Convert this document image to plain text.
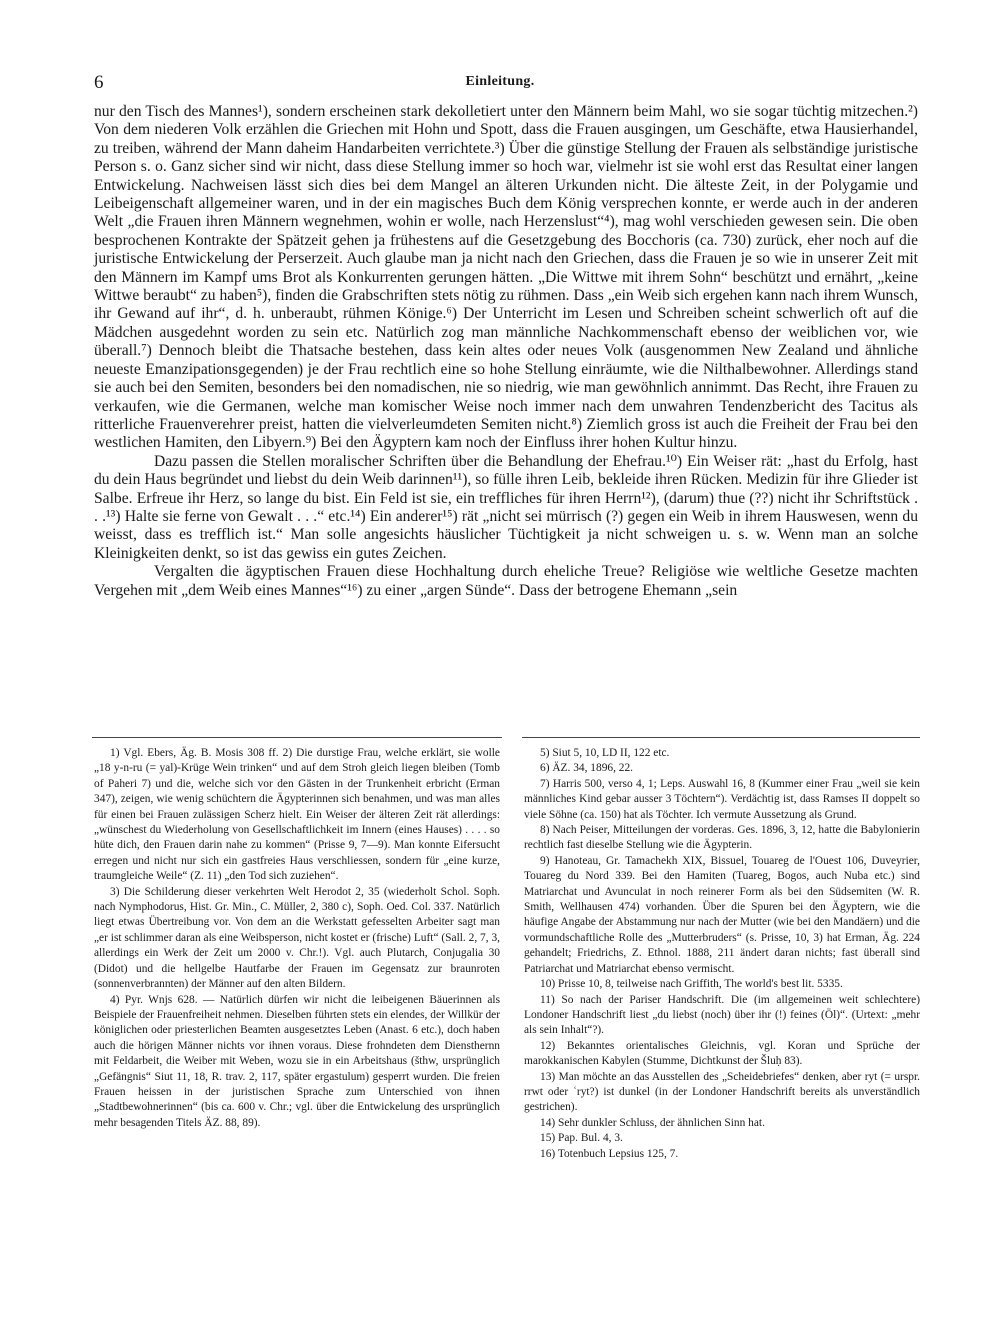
6	Einleitung.

nur den Tisch des Mannes¹), sondern erscheinen stark dekolletiert unter den Männern beim Mahl, wo sie sogar tüchtig mitzechen.²) Von dem niederen Volk erzählen die Griechen mit Hohn und Spott, dass die Frauen ausgingen, um Geschäfte, etwa Hausierhandel, zu treiben, während der Mann daheim Handarbeiten verrichtete.³) Über die günstige Stellung der Frauen als selbständige juristische Person s. o. Ganz sicher sind wir nicht, dass diese Stellung immer so hoch war, vielmehr ist sie wohl erst das Resultat einer langen Entwickelung. Nachweisen lässt sich dies bei dem Mangel an älteren Urkunden nicht. Die älteste Zeit, in der Polygamie und Leibeigenschaft allgemeiner waren, und in der ein magisches Buch dem König versprechen konnte, er werde auch in der anderen Welt „die Frauen ihren Männern wegnehmen, wohin er wolle, nach Herzenslust“⁴), mag wohl verschieden gewesen sein. Die oben besprochenen Kontrakte der Spätzeit gehen ja frühestens auf die Gesetzgebung des Bocchoris (ca. 730) zurück, eher noch auf die juristische Entwickelung der Perserzeit. Auch glaube man ja nicht nach den Griechen, dass die Frauen je so wie in unserer Zeit mit den Männern im Kampf ums Brot als Konkurrenten gerungen hätten. „Die Wittwe mit ihrem Sohn“ beschützt und ernährt, „keine Wittwe beraubt“ zu haben⁵), finden die Grabschriften stets nötig zu rühmen. Dass „ein Weib sich ergehen kann nach ihrem Wunsch, ihr Gewand auf ihr“, d. h. unberaubt, rühmen Könige.⁶) Der Unterricht im Lesen und Schreiben scheint schwerlich oft auf die Mädchen ausgedehnt worden zu sein etc. Natürlich zog man männliche Nachkommenschaft ebenso der weiblichen vor, wie überall.⁷) Dennoch bleibt die Thatsache bestehen, dass kein altes oder neues Volk (ausgenommen New Zealand und ähnliche neueste Emanzipationsgegenden) je der Frau rechtlich eine so hohe Stellung einräumte, wie die Nilthalbewohner. Allerdings stand sie auch bei den Semiten, besonders bei den nomadischen, nie so niedrig, wie man gewöhnlich annimmt. Das Recht, ihre Frauen zu verkaufen, wie die Germanen, welche man komischer Weise noch immer nach dem unwahren Tendenzbericht des Tacitus als ritterliche Frauenverehrer preist, hatten die vielverleumdeten Semiten nicht.⁸) Ziemlich gross ist auch die Freiheit der Frau bei den westlichen Hamiten, den Libyern.⁹) Bei den Ägyptern kam noch der Einfluss ihrer hohen Kultur hinzu.

Dazu passen die Stellen moralischer Schriften über die Behandlung der Ehefrau.¹⁰) Ein Weiser rät: „hast du Erfolg, hast du dein Haus begründet und liebst du dein Weib darinnen¹¹), so fülle ihren Leib, bekleide ihren Rücken. Medizin für ihre Glieder ist Salbe. Erfreue ihr Herz, so lange du bist. Ein Feld ist sie, ein treffliches für ihren Herrn¹²), (darum) thue (??) nicht ihr Schriftstück . . .¹³) Halte sie ferne von Gewalt . . .“ etc.¹⁴) Ein anderer¹⁵) rät „nicht sei mürrisch (?) gegen ein Weib in ihrem Hauswesen, wenn du weisst, dass es trefflich ist.“ Man solle angesichts häuslicher Tüchtigkeit ja nicht schweigen u. s. w. Wenn man an solche Kleinigkeiten denkt, so ist das gewiss ein gutes Zeichen.

Vergalten die ägyptischen Frauen diese Hochhaltung durch eheliche Treue? Religiöse wie weltliche Gesetze machten Vergehen mit „dem Weib eines Mannes“¹⁶) zu einer „argen Sünde“. Dass der betrogene Ehemann „sein

1) Vgl. Ebers, Äg. B. Mosis 308 ff. 2) Die durstige Frau, welche erklärt, sie wolle „18 y-n-ru (= yal)-Krüge Wein trinken“ und auf dem Stroh gleich liegen bleiben (Tomb of Paheri 7) und die, welche sich vor den Gästen in der Trunkenheit erbricht (Erman 347), zeigen, wie wenig schüchtern die Ägypterinnen sich benahmen, und was man alles für einen bei Frauen zulässigen Scherz hielt. Ein Weiser der älteren Zeit rät allerdings: „wünschest du Wiederholung von Gesellschaftlichkeit im Innern (eines Hauses) . . . . so hüte dich, den Frauen darin nahe zu kommen“ (Prisse 9, 7—9). Man konnte Eifersucht erregen und nicht nur sich ein gastfreies Haus verschliessen, sondern für „eine kurze, traumgleiche Weile“ (Z. 11) „den Tod sich zuziehen“.

3) Die Schilderung dieser verkehrten Welt Herodot 2, 35 (wiederholt Schol. Soph. nach Nymphodorus, Hist. Gr. Min., C. Müller, 2, 380 c), Soph. Oed. Col. 337. Natürlich liegt etwas Übertreibung vor. Von dem an die Werkstatt gefesselten Arbeiter sagt man „er ist schlimmer daran als eine Weibsperson, nicht kostet er (frische) Luft“ (Sall. 2, 7, 3, allerdings ein Werk der Zeit um 2000 v. Chr.!). Vgl. auch Plutarch, Conjugalia 30 (Didot) und die hellgelbe Hautfarbe der Frauen im Gegensatz zur braunroten (sonnenverbrannten) der Männer auf den alten Bildern.

4) Pyr. Wnjs 628. — Natürlich dürfen wir nicht die leibeigenen Bäuerinnen als Beispiele der Frauenfreiheit nehmen. Dieselben führten stets ein elendes, der Willkür der königlichen oder priesterlichen Beamten ausgesetztes Leben (Anast. 6 etc.), doch haben auch die hörigen Männer nichts vor ihnen voraus. Diese frohndeten dem Diensthernn mit Feldarbeit, die Weiber mit Weben, wozu sie in ein Arbeitshaus (šthw, ursprünglich „Gefängnis“ Siut 11, 18, R. trav. 2, 117, später ergastulum) gesperrt wurden. Die freien Frauen heissen in der juristischen Sprache zum Unterschied von ihnen „Stadtbewohnerinnen“ (bis ca. 600 v. Chr.; vgl. über die Entwickelung des ursprünglich mehr besagenden Titels ÄZ. 88, 89).

5) Siut 5, 10, LD II, 122 etc.

6) ÄZ. 34, 1896, 22.

7) Harris 500, verso 4, 1; Leps. Auswahl 16, 8 (Kummer einer Frau „weil sie kein männliches Kind gebar ausser 3 Töchtern“). Verdächtig ist, dass Ramses II doppelt so viele Söhne (ca. 150) hat als Töchter. Ich vermute Aussetzung als Grund.

8) Nach Peiser, Mitteilungen der vorderas. Ges. 1896, 3, 12, hatte die Babylonierin rechtlich fast dieselbe Stellung wie die Ägypterin.

9) Hanoteau, Gr. Tamachekh XIX, Bissuel, Touareg de l'Ouest 106, Duveyrier, Touareg du Nord 339. Bei den Hamiten (Tuareg, Bogos, auch Nuba etc.) sind Matriarchat und Avunculat in noch reinerer Form als bei den Südsemiten (W. R. Smith, Wellhausen 474) vorhanden. Über die Spuren bei den Ägyptern, wie die häufige Angabe der Abstammung nur nach der Mutter (wie bei den Mandäern) und die vormundschaftliche Rolle des „Mutterbruders“ (s. Prisse, 10, 3) hat Erman, Äg. 224 gehandelt; Friedrichs, Z. Ethnol. 1888, 211 ändert daran nichts; fast überall sind Patriarchat und Matriarchat ebenso vermischt.

10) Prisse 10, 8, teilweise nach Griffith, The world's best lit. 5335.

11) So nach der Pariser Handschrift. Die (im allgemeinen weit schlechtere) Londoner Handschrift liest „du liebst (noch) über ihr (!) feines (Öl)“. (Urtext: „mehr als sein Inhalt“?).

12) Bekanntes orientalisches Gleichnis, vgl. Koran und Sprüche der marokkanischen Kabylen (Stumme, Dichtkunst der Šluḥ 83).

13) Man möchte an das Ausstellen des „Scheidebriefes“ denken, aber ryt (= urspr. rrwt oder ʿryt?) ist dunkel (in der Londoner Handschrift bereits als unverständlich gestrichen).

14) Sehr dunkler Schluss, der ähnlichen Sinn hat.

15) Pap. Bul. 4, 3.

16) Totenbuch Lepsius 125, 7.
